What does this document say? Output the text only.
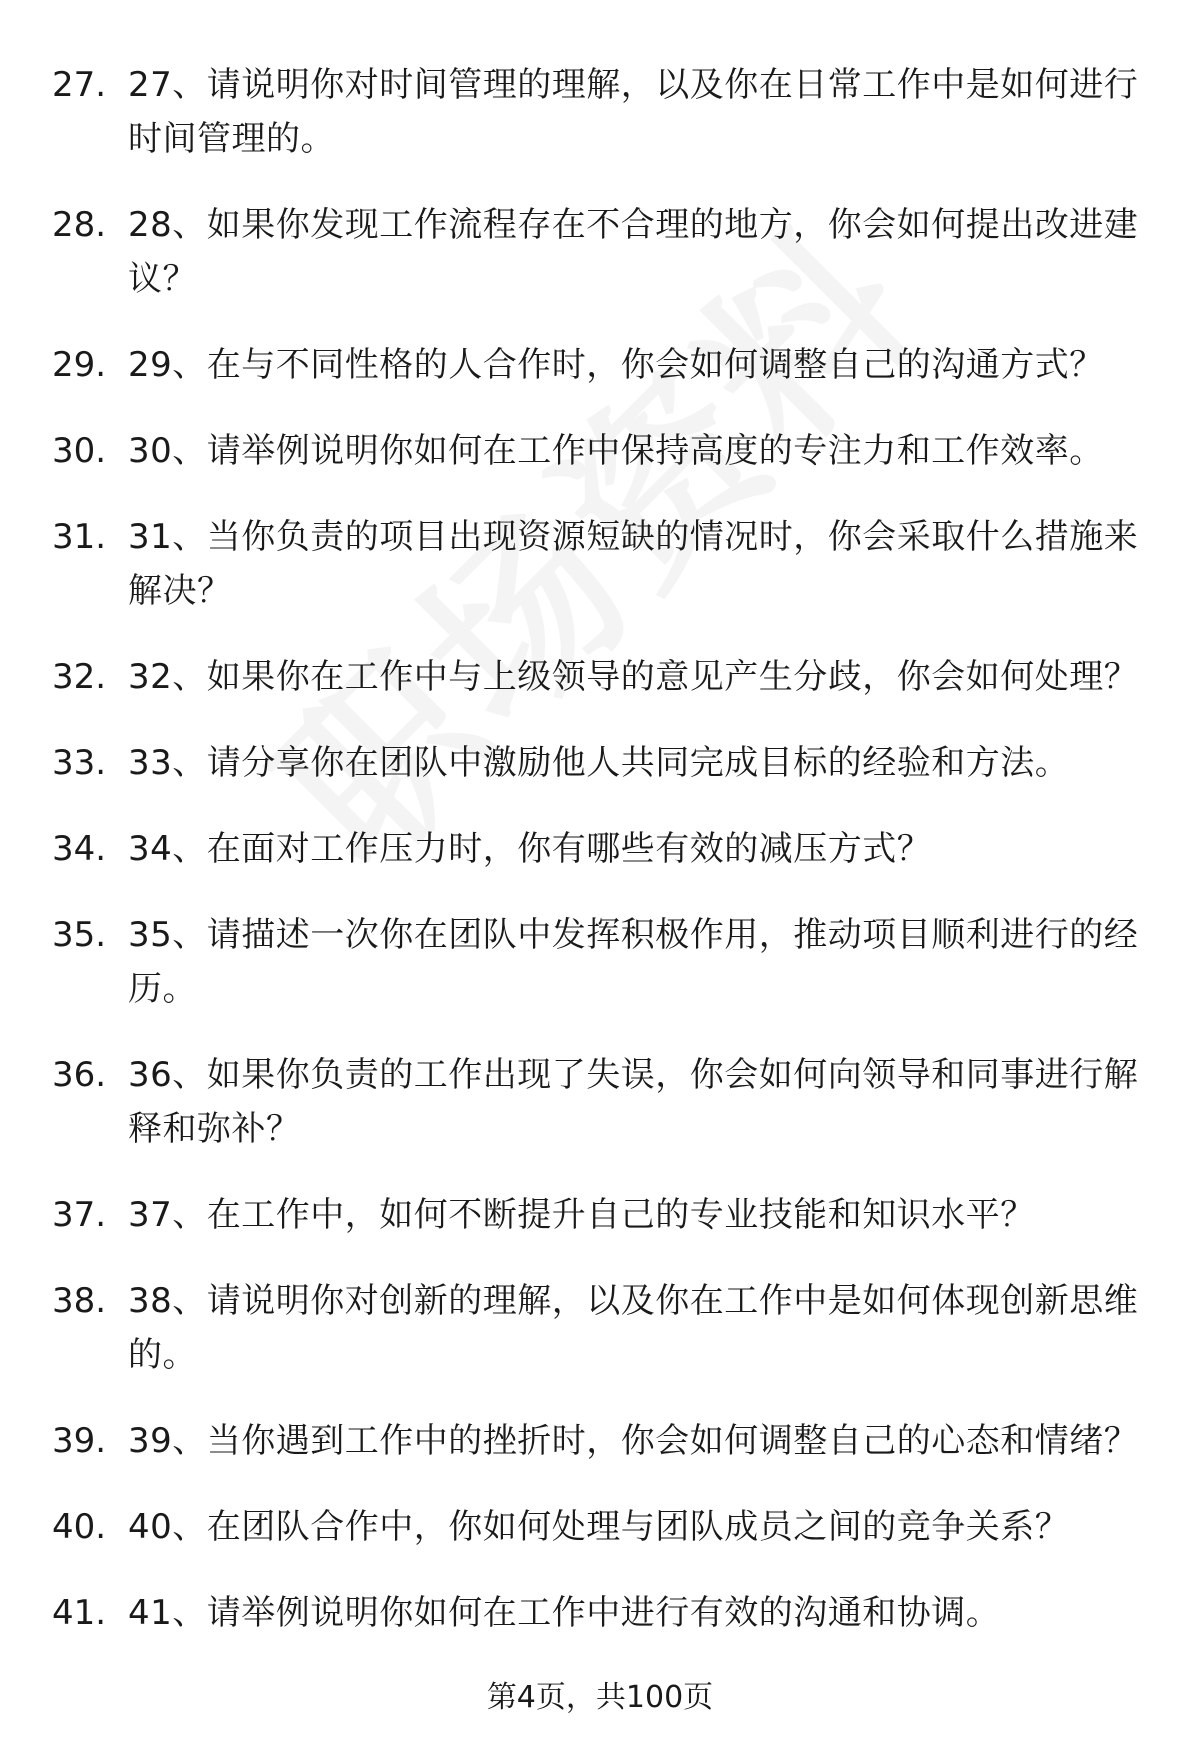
27. 27、请说明你对时间管理的理解，以及你在日常工作中是如何进行时间管理的。
28. 28、如果你发现工作流程存在不合理的地方，你会如何提出改进建议？
29. 29、在与不同性格的人合作时，你会如何调整自己的沟通方式？
30. 30、请举例说明你如何在工作中保持高度的专注力和工作效率。
31. 31、当你负责的项目出现资源短缺的情况时，你会采取什么措施来解决？
32. 32、如果你在工作中与上级领导的意见产生分歧，你会如何处理？
33. 33、请分享你在团队中激励他人共同完成目标的经验和方法。
34. 34、在面对工作压力时，你有哪些有效的减压方式？
35. 35、请描述一次你在团队中发挥积极作用，推动项目顺利进行的经历。
36. 36、如果你负责的工作出现了失误，你会如何向领导和同事进行解释和弥补？
37. 37、在工作中，如何不断提升自己的专业技能和知识水平？
38. 38、请说明你对创新的理解，以及你在工作中是如何体现创新思维的。
39. 39、当你遇到工作中的挫折时，你会如何调整自己的心态和情绪？
40. 40、在团队合作中，你如何处理与团队成员之间的竞争关系？
41. 41、请举例说明你如何在工作中进行有效的沟通和协调。
第4页，共100页
